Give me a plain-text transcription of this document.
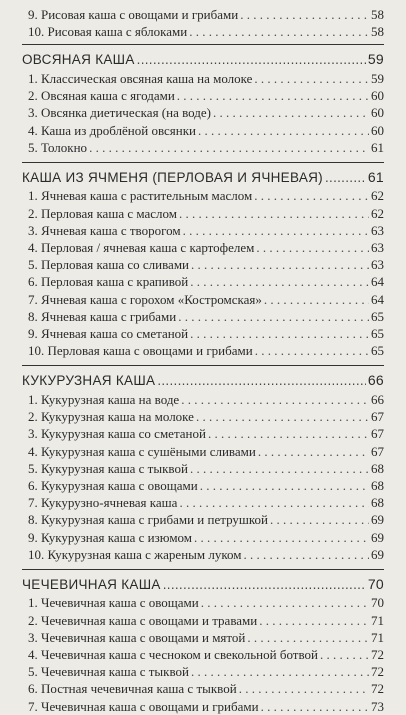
9. Рисовая каша с овощами и грибами . . .	58
10. Рисовая каша с яблоками . . .	58
ОВСЯНАЯ КАША .....	59
1. Классическая овсяная каша на молоке . . .	59
2. Овсяная каша с ягодами . . .	60
3. Овсянка диетическая (на воде) . . .	60
4. Каша из дроблёной овсянки . . .	60
5. Толокно . . .	61
КАША ИЗ ЯЧМЕНЯ (ПЕРЛОВАЯ И ЯЧНЕВАЯ) .....	61
1. Ячневая каша с растительным маслом . . .	62
2. Перловая каша с маслом . . .	62
3. Ячневая каша с творогом . . .	63
4. Перловая / ячневая каша с картофелем . . .	63
5. Перловая каша со сливами . . .	63
6. Перловая каша с крапивой . . .	64
7. Ячневая каша с горохом «Костромская» . . .	64
8. Ячневая каша с грибами . . .	65
9. Ячневая каша со сметаной . . .	65
10. Перловая каша с овощами и грибами . . .	65
КУКУРУЗНАЯ КАША .....	66
1. Кукурузная каша на воде . . .	66
2. Кукурузная каша на молоке . . .	67
3. Кукурузная каша со сметаной . . .	67
4. Кукурузная каша с сушёными сливами . . .	67
5. Кукурузная каша с тыквой . . .	68
6. Кукурузная каша с овощами . . .	68
7. Кукурузно-ячневая каша . . .	68
8. Кукурузная каша с грибами и петрушкой . . .	69
9. Кукурузная каша с изюмом . . .	69
10. Кукурузная каша с жареным луком . . .	69
ЧЕЧЕВИЧНАЯ КАША .....	70
1. Чечевичная каша с овощами . . .	70
2. Чечевичная каша с овощами и травами . . .	71
3. Чечевичная каша с овощами и мятой . . .	71
4. Чечевичная каша с чесноком и свекольной ботвой . . .	72
5. Чечевичная каша с тыквой . . .	72
6. Постная чечевичная каша с тыквой . . .	72
7. Чечевичная каша с овощами и грибами . . .	73
